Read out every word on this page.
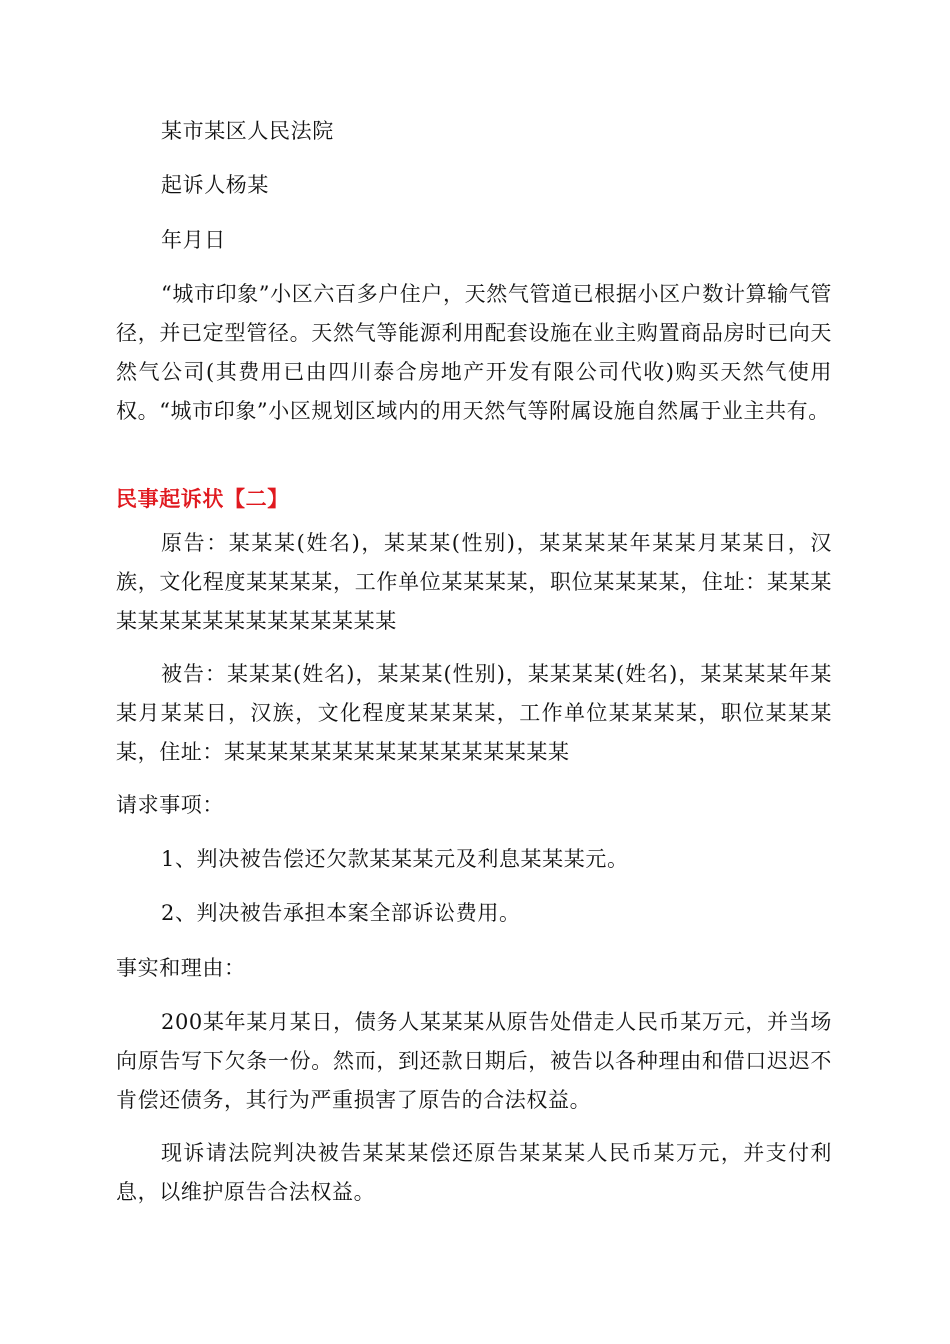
某市某区人民法院

起诉人杨某

年月日

“城市印象”小区六百多户住户，天然气管道已根据小区户数计算输气管径，并已定型管径。天然气等能源利用配套设施在业主购置商品房时已向天然气公司(其费用已由四川泰合房地产开发有限公司代收)购买天然气使用权。“城市印象”小区规划区域内的用天然气等附属设施自然属于业主共有。

民事起诉状【二】

原告：某某某(姓名)，某某某(性别)，某某某某年某某月某某日，汉族，文化程度某某某某，工作单位某某某某，职位某某某某，住址：某某某某某某某某某某某某某某某某

被告：某某某(姓名)，某某某(性别)，某某某某(姓名)，某某某某年某某月某某日，汉族，文化程度某某某某，工作单位某某某某，职位某某某某，住址：某某某某某某某某某某某某某某某某

请求事项：

1、判决被告偿还欠款某某某元及利息某某某元。

2、判决被告承担本案全部诉讼费用。

事实和理由：

200某年某月某日，债务人某某某从原告处借走人民币某万元，并当场向原告写下欠条一份。然而，到还款日期后，被告以各种理由和借口迟迟不肯偿还债务，其行为严重损害了原告的合法权益。

现诉请法院判决被告某某某偿还原告某某某人民币某万元，并支付利息，以维护原告合法权益。
